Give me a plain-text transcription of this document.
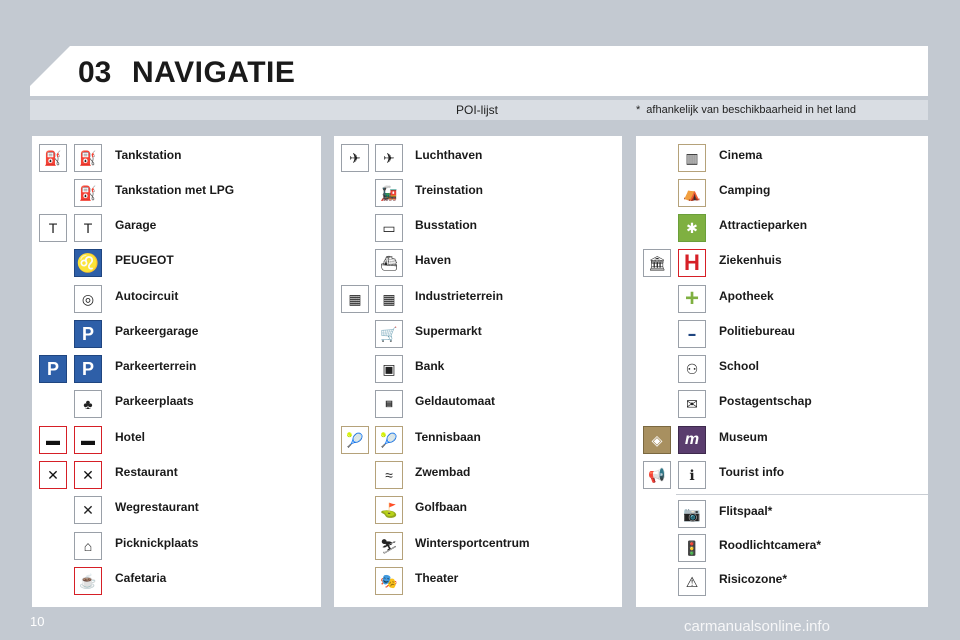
03 NAVIGATIE
POI-lijst	* afhankelijk van beschikbaarheid in het land
⛽	⛽	Tankstation
⛽	Tankstation met LPG
T	T	Garage
♌ PEUGEOT
◎	Autocircuit
P	Parkeergarage
P	P	Parkeerterrein
♣	Parkeerplaats
▬	▬	Hotel
✕	✕	Restaurant
✕	Wegrestaurant
⌂	Picknickplaats
☕	Cafetaria
✈	✈	Luchthaven
🚂	Treinstation
▭	Busstation
⛴	Haven
▦	▦	Industrieterrein
🛒	Supermarkt
▣	Bank
▤	Geldautomaat
🎾	🎾	Tennisbaan
≈	Zwembad
⛳	Golfbaan
⛷	Wintersportcentrum
🎭	Theater
▥	Cinema
⛺	Camping
✱	Attractieparken
🏛 H	Ziekenhuis
+ Apotheek
▬	Politiebureau
⚇	School
✉	Postagentschap
◈	m	Museum
📢	ℹ	Tourist info
📷	Flitspaal*
🚦	Roodlichtcamera*
⚠	Risicozone*
10	carmanualsonline.info
